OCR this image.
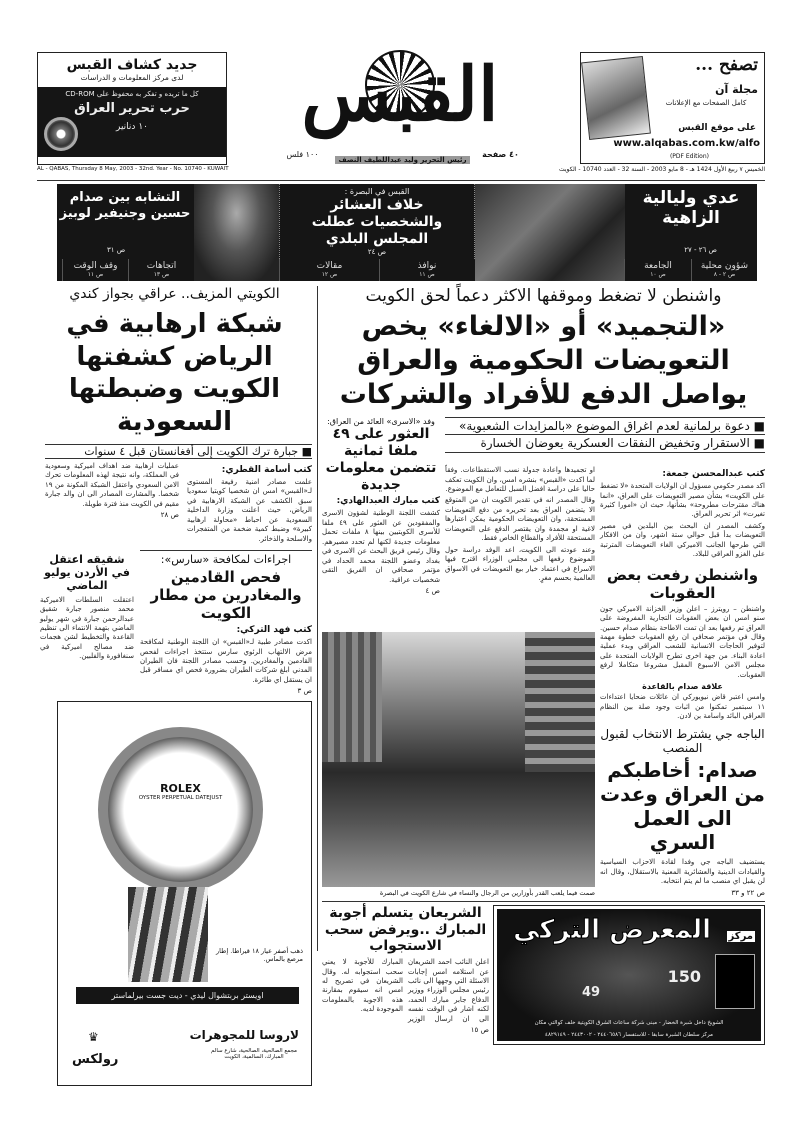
جديد كشاف القبس
لدى مركز المعلومات و الدراسات
كل ما تريده و تفكر به محفوظ على CD-ROM
حرب تحرير العراق
١٠ دنانير	القبس
١٠٠ فلس
رئيس التحرير وليد عبداللطيف النصف
٤٠ صفحة
تصفح ...
مجلة آن
كامل الصفحات مع الإعلانات
على موقع القبس
www.alqabas.com.kw/alfo
(PDF Edition)
AL - QABAS, Thursday 8 May, 2003 - 32nd. Year - No. 10740 - KUWAIT	الخميس ٧ ربيع الأول 1424 هـ - 8 مايو 2003 - السنة 32 - العدد 10740 - الكويت
عدي وليالية الزاهية
ص ٢٦ - ٢٧
القبس في البصرة :
خلاف العشائر والشخصيات عطلت المجلس البلدي
ص ٢٤
التشابه بين صدام حسين وجنيفير لوبيز
ص ٣١
شؤون محلية
ص ٢ - ٨
الجامعة
ص ١٠
نوافذ
ص ١١
مقالات
ص ١٢
اتجاهات
ص ١٣
وقف الوقت
ص ١١
واشنطن لا تضغط وموقفها الاكثر دعماً لحق الكويت
«التجميد» أو «الالغاء» يخص التعويضات الحكومية والعراق يواصل الدفع للأفراد والشركات
■ دعوة برلمانية لعدم اغراق الموضوع «بالمزايدات الشعبوية»
■ الاستقرار وتخفيض النفقات العسكرية يعوضان الخسارة
وفد «الاسرى» العائد من العراق:
العثور على ٤٩ ملفا ثمانية تتضمن معلومات جديدة
كتب مبارك العبدالهادي:

كشفت اللجنة الوطنية لشؤون الاسرى والمفقودين عن العثور على ٤٩ ملفا للأسرى الكويتيين بينها ٨ ملفات تحمل معلومات جديدة لكنها لم تحدد مصيرهم. وقال رئيس فريق البحث عن الاسرى في بغداد وعضو اللجنة محمد الحداد في مؤتمر صحافي ان الفريق التقى شخصيات عراقية.

ص ٤
كتب عبدالمحسن جمعة:

اكد مصدر حكومي مسؤول ان الولايات المتحدة «لا تضغط على الكويت» بشأن مصير التعويضات على العراق، «انما هناك مقترحات مطروحة» بشأنها، حيث ان «امورا كثيرة تغيرت» اثر تحرير العراق.

وكشف المصدر ان البحث بين البلدين في مصير التعويضات بدأ قبل حوالي ستة اشهر، وان من الافكار التي طرحها الجانب الاميركي الغاء التعويضات المترتبة على الغزو العراقي للبلاد.

واشنطن رفعت بعض العقوبات

واشنطن – رويترز – اعلن وزير الخزانة الاميركي جون سنو امس ان بعض العقوبات التجارية المفروضة على العراق تم رفعها بعد ان تمت الاطاحة بنظام صدام حسين. وقال في مؤتمر صحافي ان رفع العقوبات خطوة مهمة لتوفير الحاجات الانسانية للشعب العراقي وبدء عملية اعادة البناء. من جهة اخرى تطرح الولايات المتحدة على مجلس الامن الاسبوع المقبل مشروعا متكاملا لرفع العقوبات.

علاقة صدام بالقاعدة

وامس اعتبر قاض نيويوركي ان عائلات ضحايا اعتداءات ١١ سبتمبر تمكنوا من اثبات وجود صلة بين النظام العراقي البائد واسامة بن لادن.

الباجه جي يشترط الانتخاب لقبول المنصب
صدام: أخاطبكم من العراق وعدت الى العمل السري

يستضيف الباجه جي وفدا لقادة الاحزاب السياسية والقيادات الدينية والعشائرية المعنية بالاستقلال، وقال انه لن يقبل اي منصب ما لم يتم انتخابه.

ص ٢٢ و ٣٣

او تجميدها واعادة جدولة نسب الاستقطاعات. وفقاً لما اكدت «القبس» بنشره امس، وان الكويت تعكف حاليا على دراسة افضل السبل للتعامل مع الموضوع.

وقال المصدر انه في تقدير الكويت ان من المتوقع الا يتضمن العراق بعد تحريره من دفع التعويضات المستحقة، وان التعويضات الحكومية يمكن اعتبارها لاغية او مجمدة وان يقتصر الدفع على التعويضات المستحقة للأفراد والقطاع الخاص فقط.

وعند عودته الى الكويت، اعد الوفد دراسة حول الموضوع رفعها الى مجلس الوزراء اقترح فيها الاسراع في اعتماد خيار بيع التعويضات في الاسواق العالمية بحسم مغرٍ.

صمت فيما يلعب القدر بأوزارين من الرجال والنساء في شارع الكويت في البصرة
مركز
المعرض التركي
150
49
الشويخ داخل شبرة الخضار - مبنى شركة ساعات الشرق الكويتية خلف كوالتي مكان
مركز سلطان الشبرة سابقا - للاستفسار ٢٤٤٠٦٥٨٦ - ٢٤٤٣٠٠٢ - ٤٨٢٩١٤٩
الشريعان يتسلم أجوبة المبارك ..ويرفض سحب الاستجواب

اعلن النائب احمد الشريعان عن استلامه امس إجابات الاسئلة التي وجهها الى نائب رئيس مجلس الوزراء ووزير الدفاع جابر مبارك الحمد، لكنه اشار في الوقت نفسه الى ان ارسال الوزير المبارك للأجوبة لا يعني سحب استجوابه له. وقال الشريعان في تصريح له امس انه سيقوم بمقارنة هذه الاجوبة بالمعلومات الموجودة لديه.

ص ١٥
الكويتي المزيف.. عراقي بجواز كندي
شبكة ارهابية في الرياض كشفتها الكويت وضبطتها السعودية
■ جبارة ترك الكويت إلى أفغانستان قبل ٤ سنوات
كتب أسامة القطري:

علمت مصادر امنية رفيعة المستوى لـ«القبس» امس ان شخصيا كويتيا سعوديا سبق الكشف عن الشبكة الارهابية في الرياض، حيث اعلنت وزارة الداخلية السعودية عن احباط «محاولة ارهابية كبيرة» وضبط كمية ضخمة من المتفجرات والاسلحة والذخائر.

عمليات ارهابية ضد اهداف اميركية وسعودية في المملكة، وانه نتيجة لهذه المعلومات تحرك الامن السعودي واعتقل الشبكة المكونة من ١٩ شخصا. والمشارت المصادر الى ان والد جبارة مقيم في الكويت منذ فترة طويلة.

ص ٢٨
اجراءات لمكافحة «سارس»:
فحص القادمين والمغادرين من مطار الكويت
كتب فهد التركي:

اكدت مصادر طبية لـ«القبس» ان اللجنة الوطنية لمكافحة مرض الالتهاب الرئوي سارس ستتخذ اجراءات لفحص القادمين والمغادرين. وحسب مصادر اللجنة فان الطيران المدني ابلغ شركات الطيران بضرورة فحص اي مسافر قبل ان يستقل اي طائرة.

ص ٣
شقيقه اعتقل في الأردن يوليو الماضي

اعتقلت السلطات الاميركية محمد منصور جبارة شقيق عبدالرحمن جبارة في شهر يوليو الماضي بتهمة الانتماء الى تنظيم القاعدة والتخطيط لشن هجمات ضد مصالح اميركية في سنغافورة والفلبين.

ROLEX
OYSTER PERPETUAL DATEJUST
ذهب أصفر عيار ١٨ قيراطا. إطار مرصع بالماس.
اويستر بربتشوال ليدي - ديت جست بيرلماستر
لاروسا للمجوهرات
مجمع الصالحية، الصالحية، شارع سالم المبارك، السالمية، الكويت
♛
رولكس
